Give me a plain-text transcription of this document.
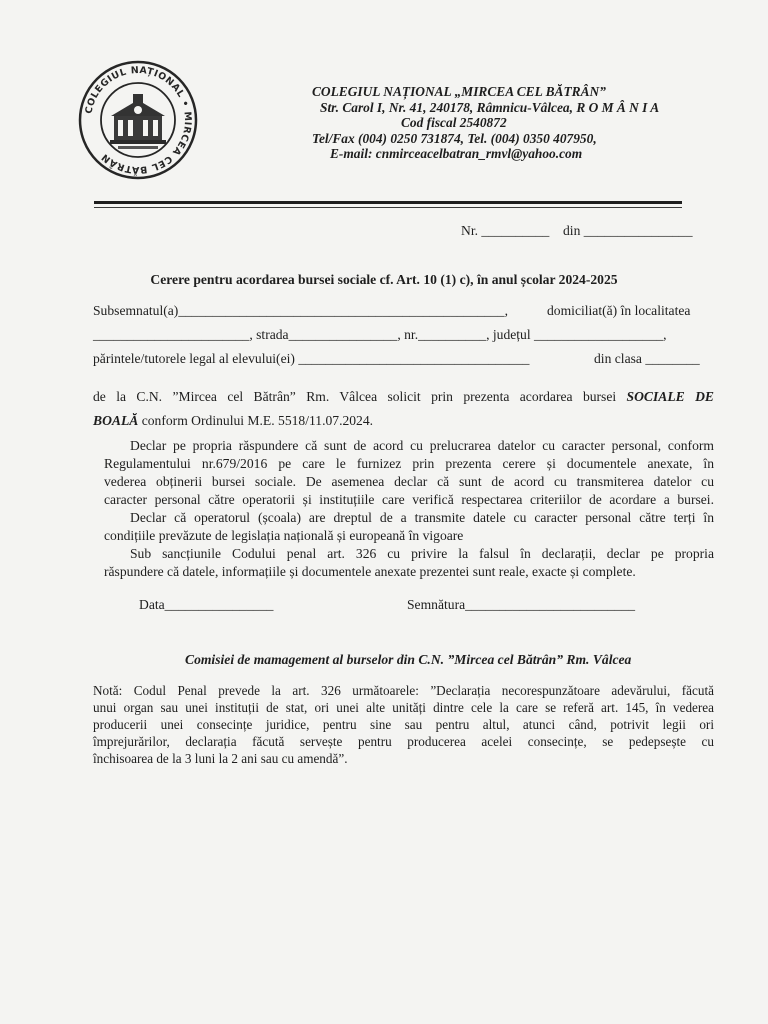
COLEGIUL NAȚIONAL • MIRCEA CEL BĂTRÂN
COLEGIUL NAȚIONAL „MIRCEA CEL BĂTRÂN”
Str. Carol I, Nr. 41, 240178, Râmnicu-Vâlcea, R O M Â N I A
Cod fiscal 2540872
Tel/Fax (004) 0250 731874, Tel. (004) 0350 407950,
E-mail: cnmirceacelbatran_rmvl@yahoo.com
Nr. __________ din ________________
Cerere pentru acordarea bursei sociale cf. Art. 10 (1) c), în anul școlar 2024-2025
Subsemnatul(a)________________________________________________,	domiciliat(ă) în localitatea
_______________________, strada________________, nr.__________, județul ___________________,
părintele/tutorele legal al elevului(ei) __________________________________	din clasa ________
de la C.N. ”Mircea cel Bătrân” Rm. Vâlcea solicit prin prezenta acordarea bursei SOCIALE DE
BOALĂ conform Ordinului M.E. 5518/11.07.2024.
Declar pe propria răspundere că sunt de acord cu prelucrarea datelor cu caracter personal, conform
Regulamentului nr.679/2016 pe care le furnizez prin prezenta cerere și documentele anexate, în
vederea obținerii bursei sociale. De asemenea declar că sunt de acord cu transmiterea datelor cu
caracter personal către operatorii și instituțiile care verifică respectarea criteriilor de acordare a bursei.
Declar că operatorul (școala) are dreptul de a transmite datele cu caracter personal către terți în
condițiile prevăzute de legislația națională și europeană în vigoare
Sub sancțiunile Codului penal art. 326 cu privire la falsul în declarații, declar pe propria
răspundere că datele, informațiile și documentele anexate prezentei sunt reale, exacte și complete.
Data________________	Semnătura_________________________
Comisiei de mamagement al burselor din C.N. ”Mircea cel Bătrân” Rm. Vâlcea
Notă: Codul Penal prevede la art. 326 următoarele: ”Declarația necorespunzătoare adevărului, făcută
unui organ sau unei instituții de stat, ori unei alte unități dintre cele la care se referă art. 145, în vederea
producerii unei consecințe juridice, pentru sine sau pentru altul, atunci când, potrivit legii ori
împrejurărilor, declarația făcută servește pentru producerea acelei consecințe, se pedepsește cu
închisoarea de la 3 luni la 2 ani sau cu amendă”.
